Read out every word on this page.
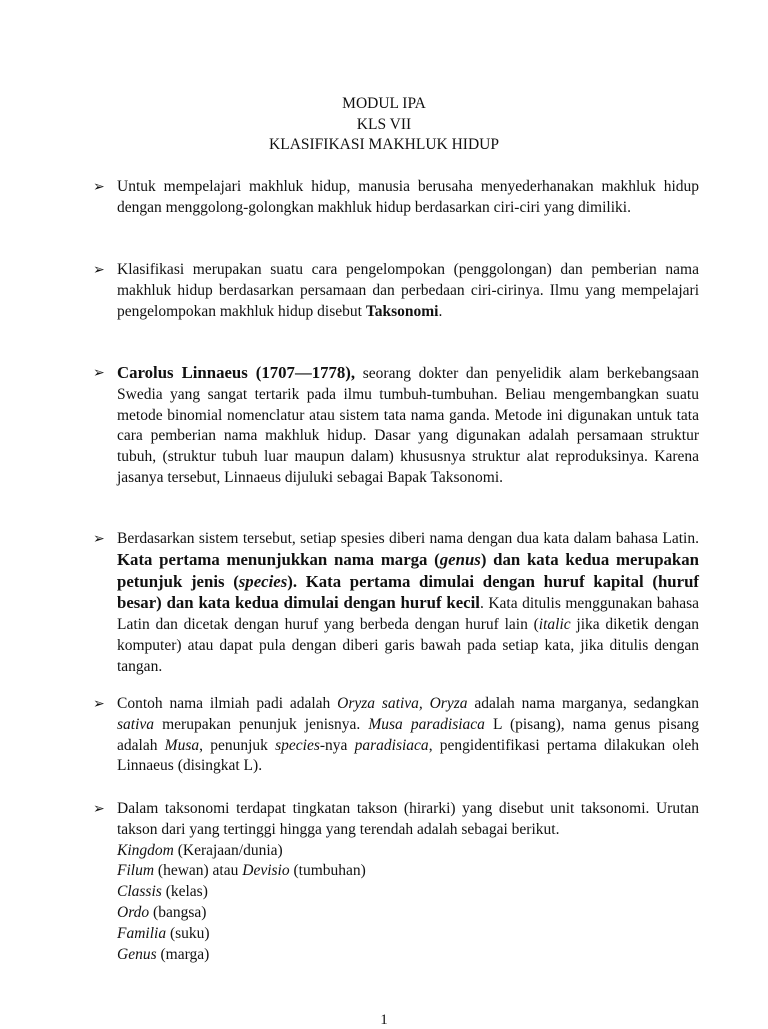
MODUL IPA
KLS VII
KLASIFIKASI MAKHLUK HIDUP
➢ Untuk mempelajari makhluk hidup, manusia berusaha menyederhanakan makhluk hidup dengan menggolong-golongkan makhluk hidup berdasarkan ciri-ciri yang dimiliki.
➢ Klasifikasi merupakan suatu cara pengelompokan (penggolongan) dan pemberian nama makhluk hidup berdasarkan persamaan dan perbedaan ciri-cirinya. Ilmu yang mempelajari pengelompokan makhluk hidup disebut Taksonomi.
➢ Carolus Linnaeus (1707—1778), seorang dokter dan penyelidik alam berkebangsaan Swedia yang sangat tertarik pada ilmu tumbuh-tumbuhan. Beliau mengembangkan suatu metode binomial nomenclatur atau sistem tata nama ganda. Metode ini digunakan untuk tata cara pemberian nama makhluk hidup. Dasar yang digunakan adalah persamaan struktur tubuh, (struktur tubuh luar maupun dalam) khususnya struktur alat reproduksinya. Karena jasanya tersebut, Linnaeus dijuluki sebagai Bapak Taksonomi.
➢ Berdasarkan sistem tersebut, setiap spesies diberi nama dengan dua kata dalam bahasa Latin. Kata pertama menunjukkan nama marga (genus) dan kata kedua merupakan petunjuk jenis (species). Kata pertama dimulai dengan huruf kapital (huruf besar) dan kata kedua dimulai dengan huruf kecil. Kata ditulis menggunakan bahasa Latin dan dicetak dengan huruf yang berbeda dengan huruf lain (italic jika diketik dengan komputer) atau dapat pula dengan diberi garis bawah pada setiap kata, jika ditulis dengan tangan.
➢ Contoh nama ilmiah padi adalah Oryza sativa, Oryza adalah nama marganya, sedangkan sativa merupakan penunjuk jenisnya. Musa paradisiaca L (pisang), nama genus pisang adalah Musa, penunjuk species-nya paradisiaca, pengidentifikasi pertama dilakukan oleh Linnaeus (disingkat L).
➢ Dalam taksonomi terdapat tingkatan takson (hirarki) yang disebut unit taksonomi. Urutan takson dari yang tertinggi hingga yang terendah adalah sebagai berikut.
Kingdom (Kerajaan/dunia)
Filum (hewan) atau Devisio (tumbuhan)
Classis (kelas)
Ordo (bangsa)
Familia (suku)
Genus (marga)
1
